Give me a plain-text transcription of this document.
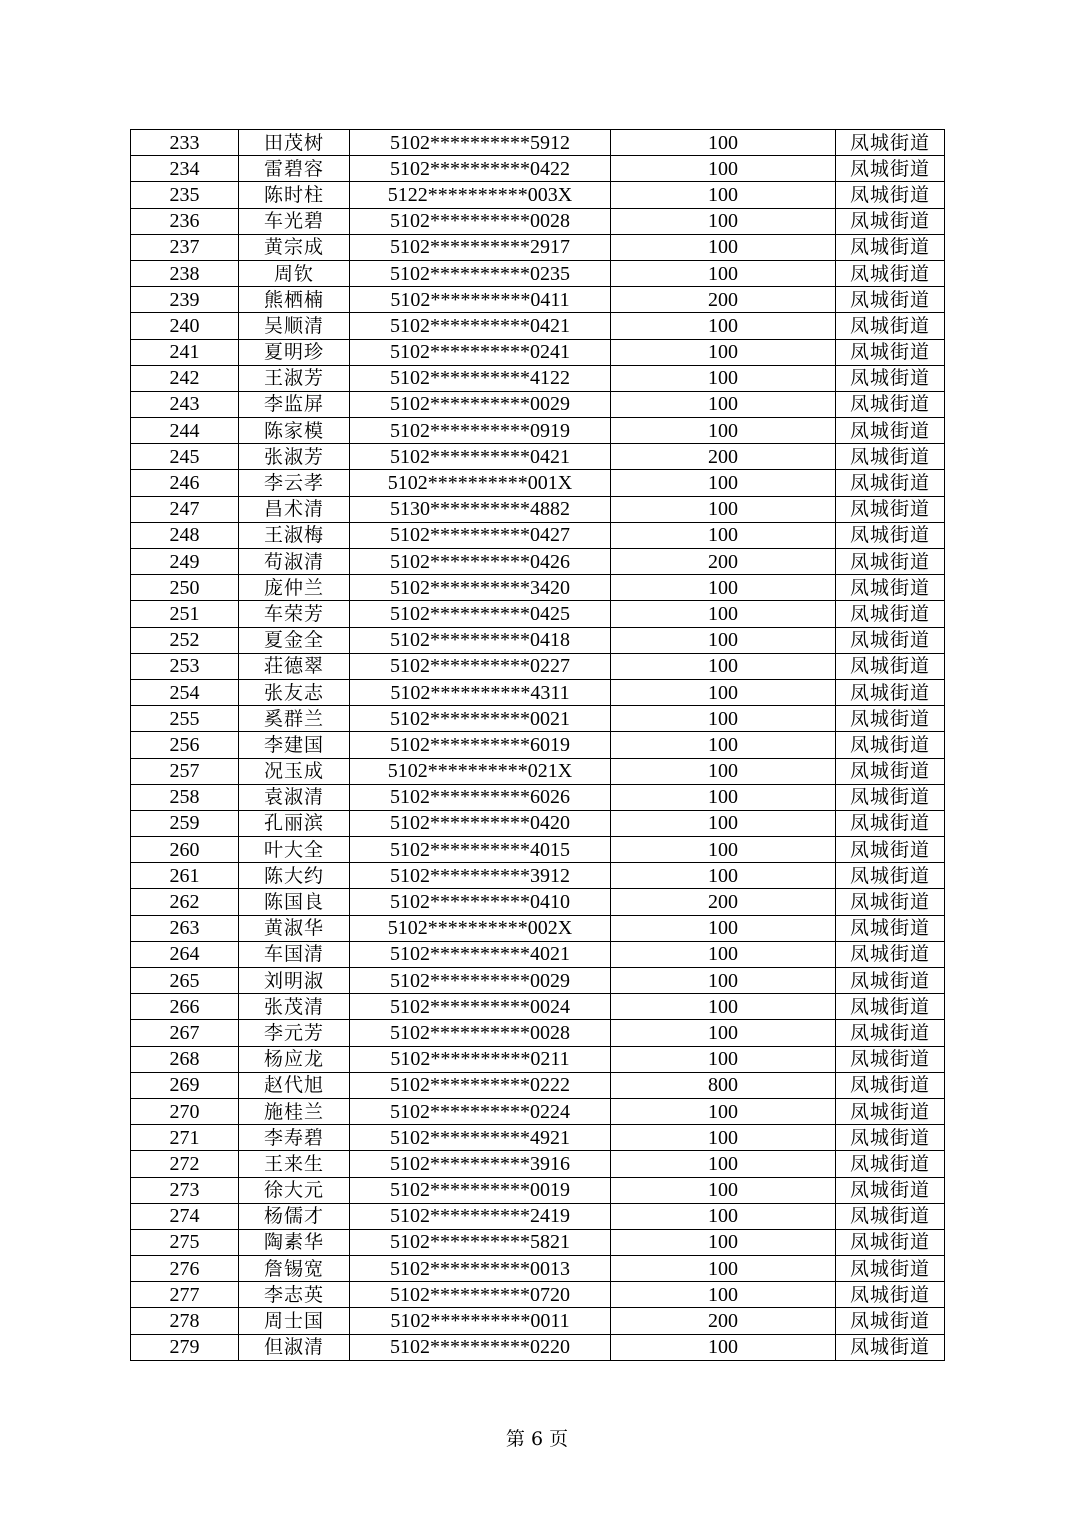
233	田茂树	5102**********5912	100	凤城街道
234	雷碧容	5102**********0422	100	凤城街道
235	陈时柱	5122**********003X	100	凤城街道
236	车光碧	5102**********0028	100	凤城街道
237	黄宗成	5102**********2917	100	凤城街道
238	周钦	5102**********0235	100	凤城街道
239	熊栖楠	5102**********0411	200	凤城街道
240	吴顺清	5102**********0421	100	凤城街道
241	夏明珍	5102**********0241	100	凤城街道
242	王淑芳	5102**********4122	100	凤城街道
243	李监屏	5102**********0029	100	凤城街道
244	陈家模	5102**********0919	100	凤城街道
245	张淑芳	5102**********0421	200	凤城街道
246	李云孝	5102**********001X	100	凤城街道
247	昌术清	5130**********4882	100	凤城街道
248	王淑梅	5102**********0427	100	凤城街道
249	苟淑清	5102**********0426	200	凤城街道
250	庞仲兰	5102**********3420	100	凤城街道
251	车荣芳	5102**********0425	100	凤城街道
252	夏金全	5102**********0418	100	凤城街道
253	荘德翠	5102**********0227	100	凤城街道
254	张友志	5102**********4311	100	凤城街道
255	奚群兰	5102**********0021	100	凤城街道
256	李建国	5102**********6019	100	凤城街道
257	况玉成	5102**********021X	100	凤城街道
258	袁淑清	5102**********6026	100	凤城街道
259	孔丽滨	5102**********0420	100	凤城街道
260	叶大全	5102**********4015	100	凤城街道
261	陈大约	5102**********3912	100	凤城街道
262	陈国良	5102**********0410	200	凤城街道
263	黄淑华	5102**********002X	100	凤城街道
264	车国清	5102**********4021	100	凤城街道
265	刘明淑	5102**********0029	100	凤城街道
266	张茂清	5102**********0024	100	凤城街道
267	李元芳	5102**********0028	100	凤城街道
268	杨应龙	5102**********0211	100	凤城街道
269	赵代旭	5102**********0222	800	凤城街道
270	施桂兰	5102**********0224	100	凤城街道
271	李寿碧	5102**********4921	100	凤城街道
272	王来生	5102**********3916	100	凤城街道
273	徐大元	5102**********0019	100	凤城街道
274	杨儒才	5102**********2419	100	凤城街道
275	陶素华	5102**********5821	100	凤城街道
276	詹锡宽	5102**********0013	100	凤城街道
277	李志英	5102**********0720	100	凤城街道
278	周士国	5102**********0011	200	凤城街道
279	但淑清	5102**********0220	100	凤城街道
第 6 页
